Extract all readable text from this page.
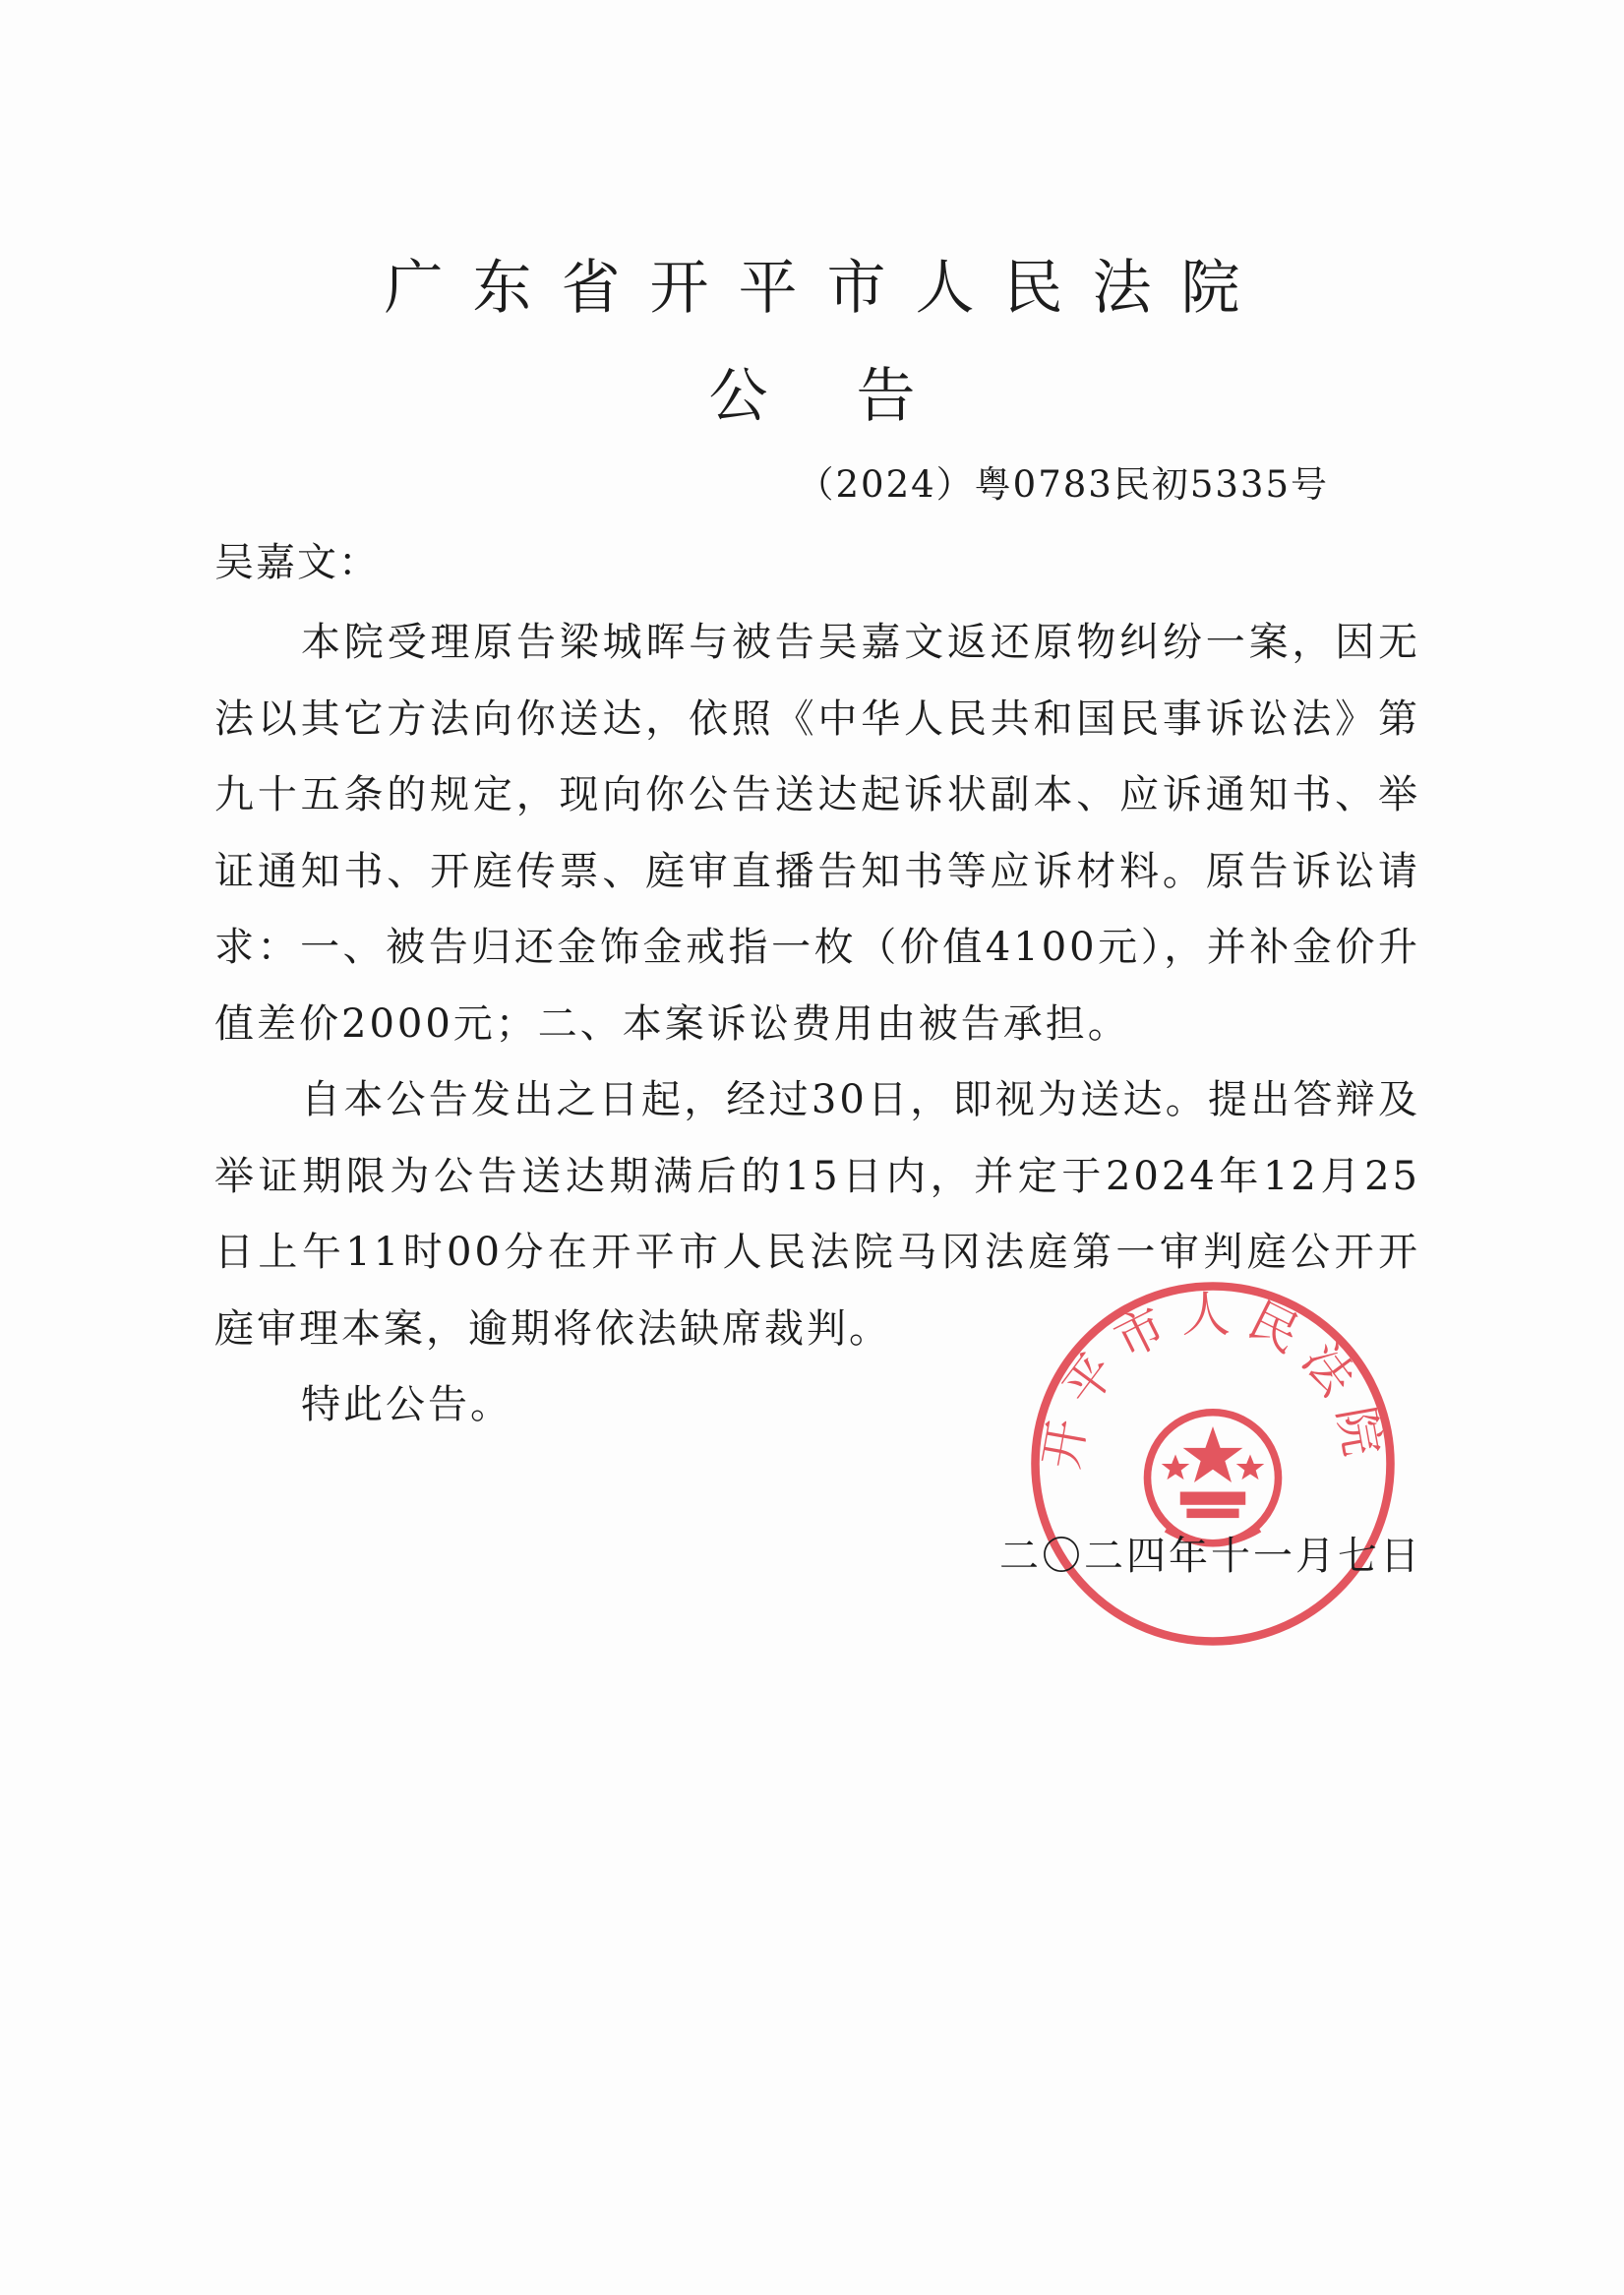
广东省开平市人民法院
公告
（2024）粤0783民初5335号
吴嘉文：

本院受理原告梁城晖与被告吴嘉文返还原物纠纷一案，因无法以其它方法向你送达，依照《中华人民共和国民事诉讼法》第九十五条的规定，现向你公告送达起诉状副本、应诉通知书、举证通知书、开庭传票、庭审直播告知书等应诉材料。原告诉讼请求：一、被告归还金饰金戒指一枚（价值4100元），并补金价升值差价2000元；二、本案诉讼费用由被告承担。

自本公告发出之日起，经过30日，即视为送达。提出答辩及举证期限为公告送达期满后的15日内，并定于2024年12月25日上午11时00分在开平市人民法院马冈法庭第一审判庭公开开庭审理本案，逾期将依法缺席裁判。

特此公告。	开平市人民法院
二〇二四年十一月七日
